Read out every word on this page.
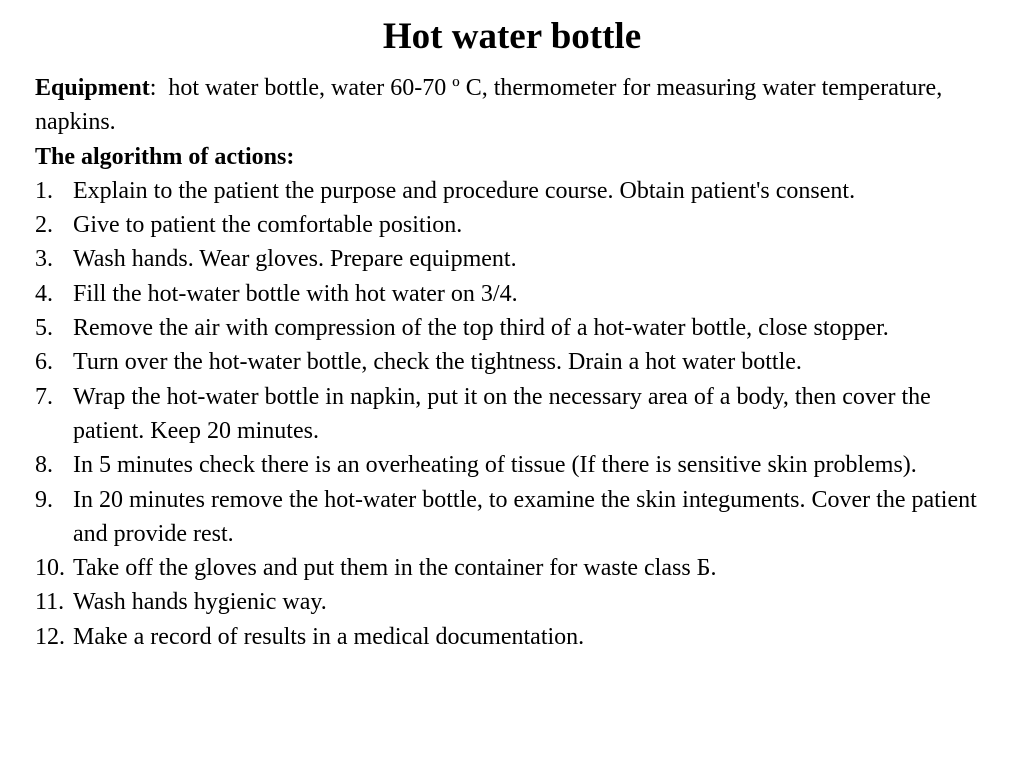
Hot water bottle

Equipment: hot water bottle, water 60-70 º C, thermometer for measuring water temperature, napkins.

The algorithm of actions:

1. Explain to the patient the purpose and procedure course. Obtain patient's consent.
2. Give to patient the comfortable position.
3. Wash hands. Wear gloves. Prepare equipment.
4. Fill the hot-water bottle with hot water on 3/4.
5. Remove the air with compression of the top third of a hot-water bottle, close stopper.
6. Turn over the hot-water bottle, check the tightness. Drain a hot water bottle.
7. Wrap the hot-water bottle in napkin, put it on the necessary area of a body, then cover the patient. Keep 20 minutes.
8. In 5 minutes check there is an overheating of tissue (If there is sensitive skin problems).
9. In 20 minutes remove the hot-water bottle, to examine the skin integuments. Cover the patient and provide rest.
10. Take off the gloves and put them in the container for waste class Б.
11. Wash hands hygienic way.
12. Make a record of results in a medical documentation.
